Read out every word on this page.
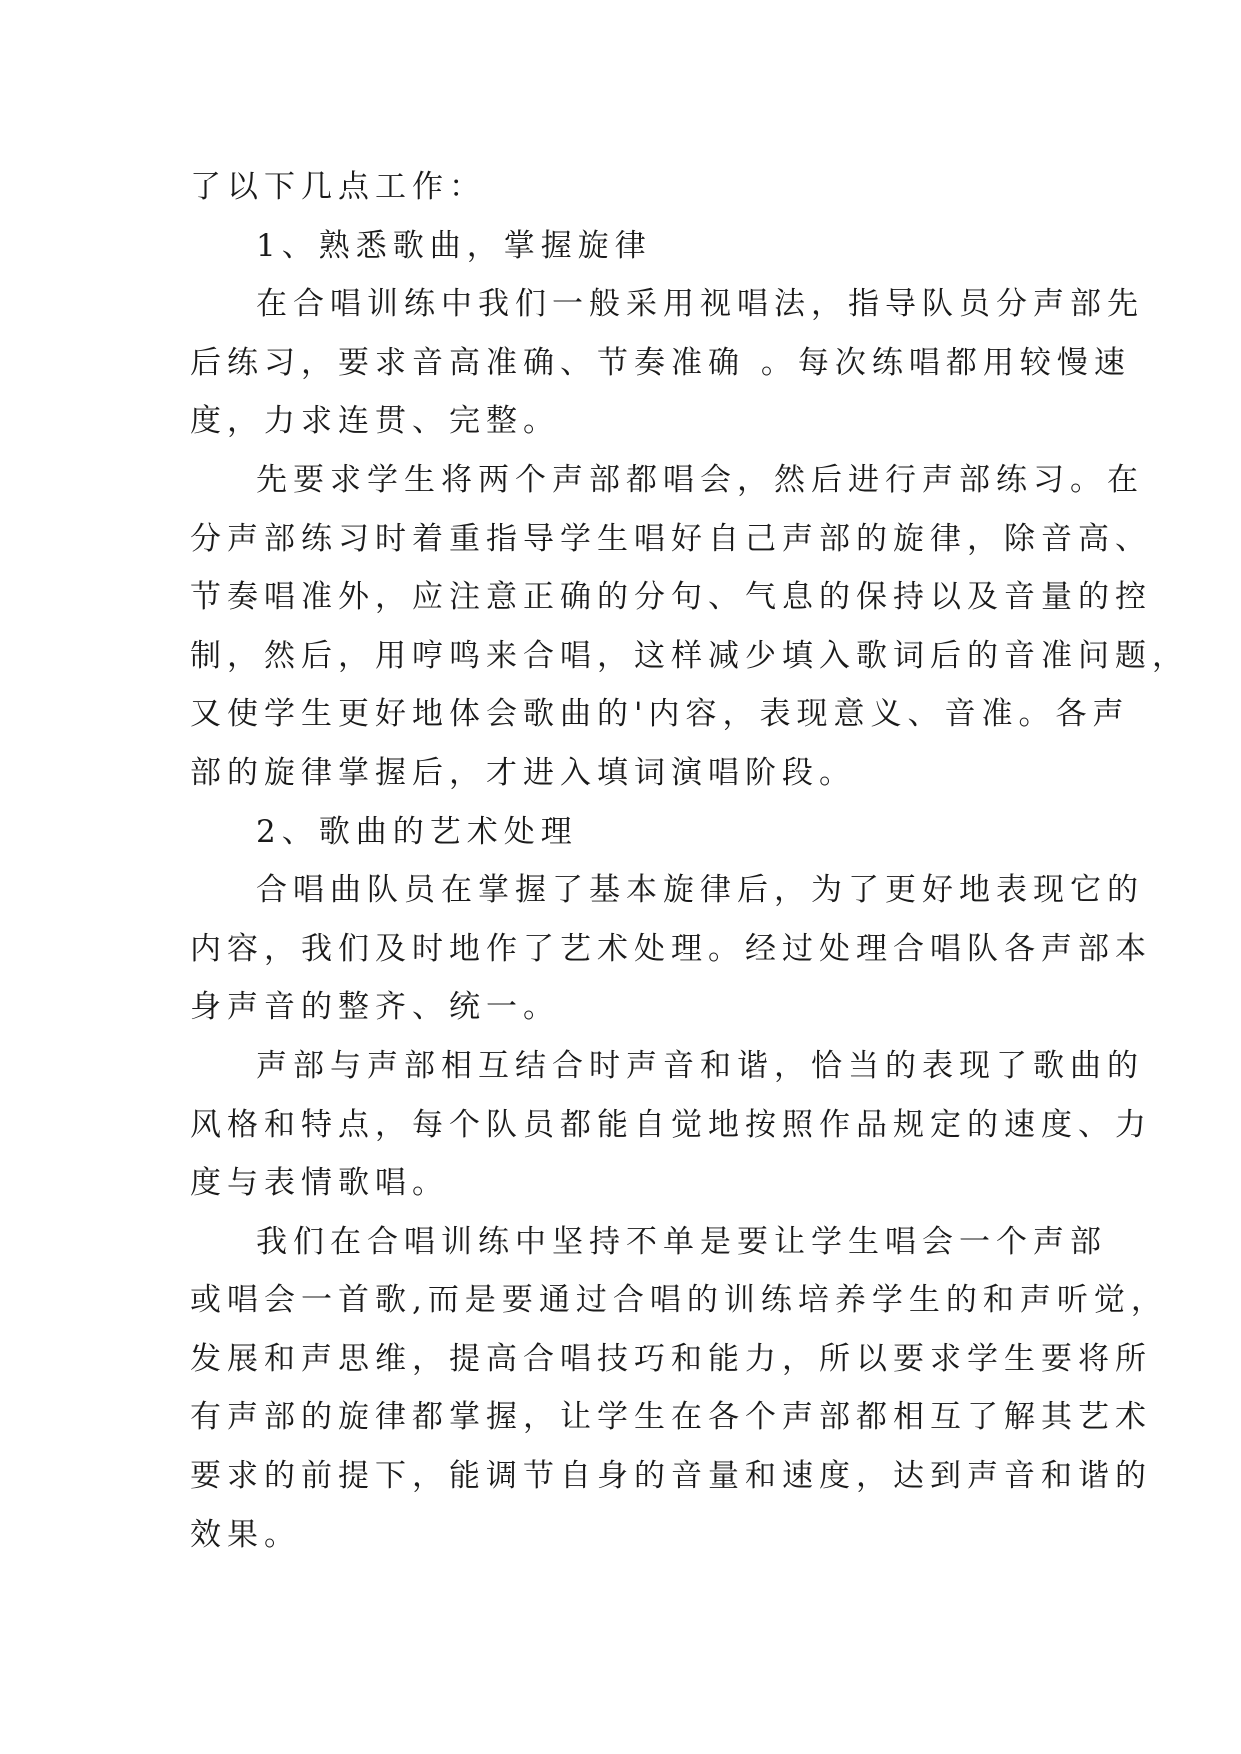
了以下几点工作：
1、熟悉歌曲，掌握旋律
在合唱训练中我们一般采用视唱法，指导队员分声部先
后练习，要求音高准确、节奏准确 。每次练唱都用较慢速
度，力求连贯、完整。
先要求学生将两个声部都唱会，然后进行声部练习。在
分声部练习时着重指导学生唱好自己声部的旋律，除音高、
节奏唱准外，应注意正确的分句、气息的保持以及音量的控
制，然后，用哼鸣来合唱，这样减少填入歌词后的音准问题，
又使学生更好地体会歌曲的'内容，表现意义、音准。各声
部的旋律掌握后，才进入填词演唱阶段。
2、歌曲的艺术处理
合唱曲队员在掌握了基本旋律后，为了更好地表现它的
内容，我们及时地作了艺术处理。经过处理合唱队各声部本
身声音的整齐、统一。
声部与声部相互结合时声音和谐，恰当的表现了歌曲的
风格和特点，每个队员都能自觉地按照作品规定的速度、力
度与表情歌唱。
我们在合唱训练中坚持不单是要让学生唱会一个声部
或唱会一首歌,而是要通过合唱的训练培养学生的和声听觉，
发展和声思维，提高合唱技巧和能力，所以要求学生要将所
有声部的旋律都掌握，让学生在各个声部都相互了解其艺术
要求的前提下，能调节自身的音量和速度，达到声音和谐的
效果。
